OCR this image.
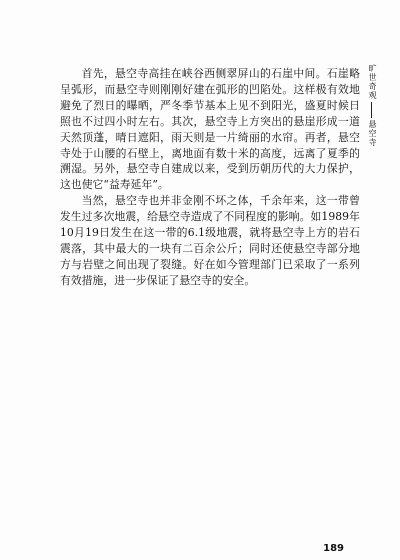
首先，悬空寺高挂在峡谷西侧翠屏山的石崖中间。石崖略呈弧形，而悬空寺则刚刚好建在弧形的凹陷处。这样极有效地避免了烈日的曝晒，严冬季节基本上见不到阳光，盛夏时候日照也不过四小时左右。其次，悬空寺上方突出的悬崖形成一道天然顶蓬，晴日遮阳，雨天则是一片绮丽的水帘。再者，悬空寺处于山腰的石壁上，离地面有数十米的高度，远离了夏季的溯湿。另外，悬空寺自建成以来，受到历朝历代的大力保护，这也使它“益寿延年”。

当然，悬空寺也并非金刚不坏之体，千余年来，这一带曾发生过多次地震，给悬空寺造成了不同程度的影响。如1989年10月19日发生在这一带的6.1级地震，就将悬空寺上方的岩石震落，其中最大的一块有二百余公斤；同时还使悬空寺部分地方与岩壁之间出现了裂缝。好在如今管理部门已采取了一系列有效措施，进一步保证了悬空寺的安全。

旷世奇观
悬空寺
189
